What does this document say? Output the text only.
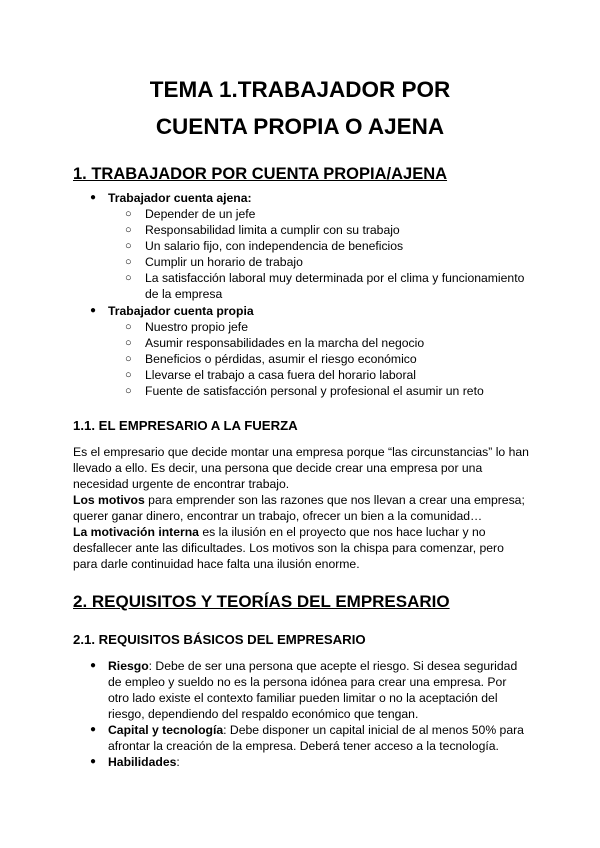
TEMA 1.TRABAJADOR POR
CUENTA PROPIA O AJENA
1. TRABAJADOR POR CUENTA PROPIA/AJENA
● Trabajador cuenta ajena:
○ Depender de un jefe
○ Responsabilidad limita a cumplir con su trabajo
○ Un salario fijo, con independencia de beneficios
○ Cumplir un horario de trabajo
○ La satisfacción laboral muy determinada por el clima y funcionamiento
de la empresa
● Trabajador cuenta propia
○ Nuestro propio jefe
○ Asumir responsabilidades en la marcha del negocio
○ Beneficios o pérdidas, asumir el riesgo económico
○ Llevarse el trabajo a casa fuera del horario laboral
○ Fuente de satisfacción personal y profesional el asumir un reto
1.1. EL EMPRESARIO A LA FUERZA
Es el empresario que decide montar una empresa porque “las circunstancias” lo han
llevado a ello. Es decir, una persona que decide crear una empresa por una
necesidad urgente de encontrar trabajo.
Los motivos para emprender son las razones que nos llevan a crear una empresa;
querer ganar dinero, encontrar un trabajo, ofrecer un bien a la comunidad…
La motivación interna es la ilusión en el proyecto que nos hace luchar y no
desfallecer ante las dificultades. Los motivos son la chispa para comenzar, pero
para darle continuidad hace falta una ilusión enorme.
2. REQUISITOS Y TEORÍAS DEL EMPRESARIO
2.1. REQUISITOS BÁSICOS DEL EMPRESARIO
● Riesgo: Debe de ser una persona que acepte el riesgo. Si desea seguridad
de empleo y sueldo no es la persona idónea para crear una empresa. Por
otro lado existe el contexto familiar pueden limitar o no la aceptación del
riesgo, dependiendo del respaldo económico que tengan.
● Capital y tecnología: Debe disponer un capital inicial de al menos 50% para
afrontar la creación de la empresa. Deberá tener acceso a la tecnología.
● Habilidades:
